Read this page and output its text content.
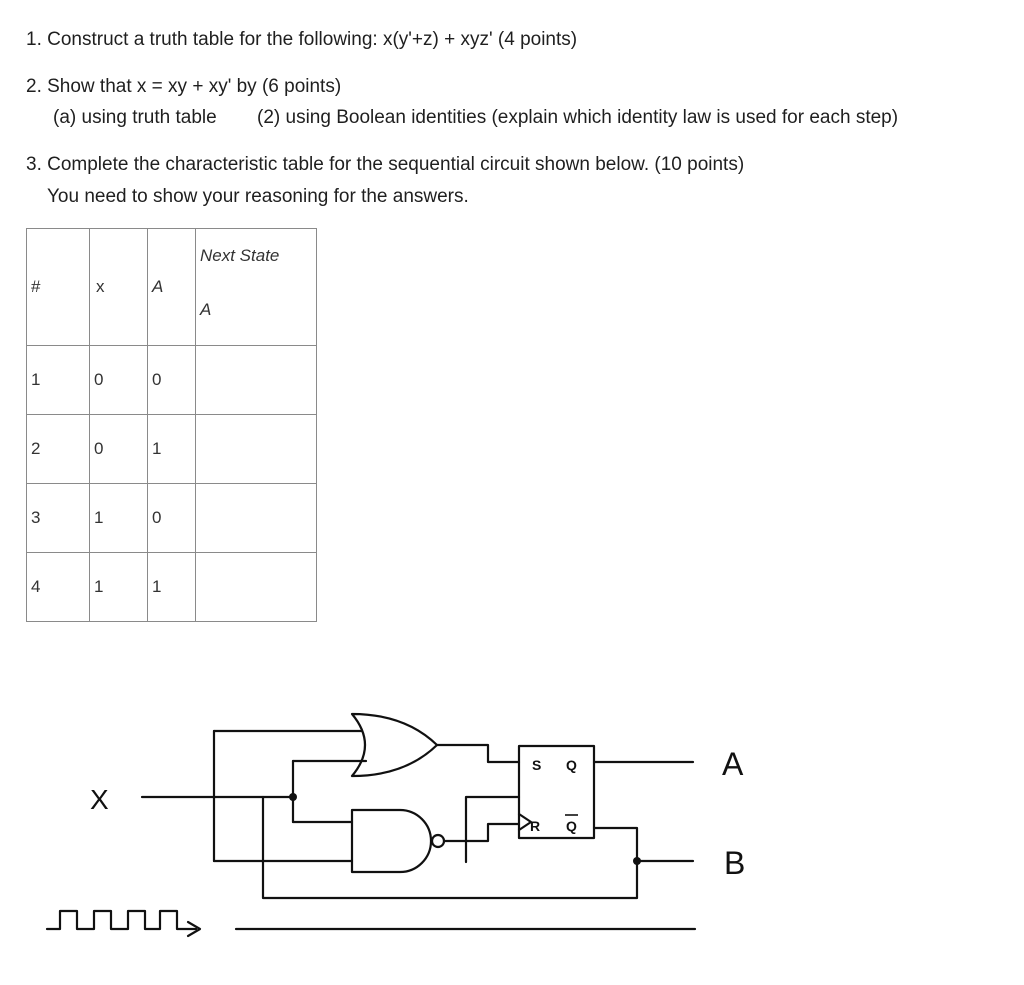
1. Construct a truth table for the following: x(y'+z) + xyz' (4 points)
2. Show that x = xy + xy' by (6 points)
(a) using truth table (2) using Boolean identities (explain which identity law is used for each step)
3. Complete the characteristic table for the sequential circuit shown below. (10 points)
You need to show your reasoning for the answers.
#	x	A	Next State
A

1	0	0	
2	0	1	
3	1	0	
4	1	1	
X
A
B
S Q
R Q
